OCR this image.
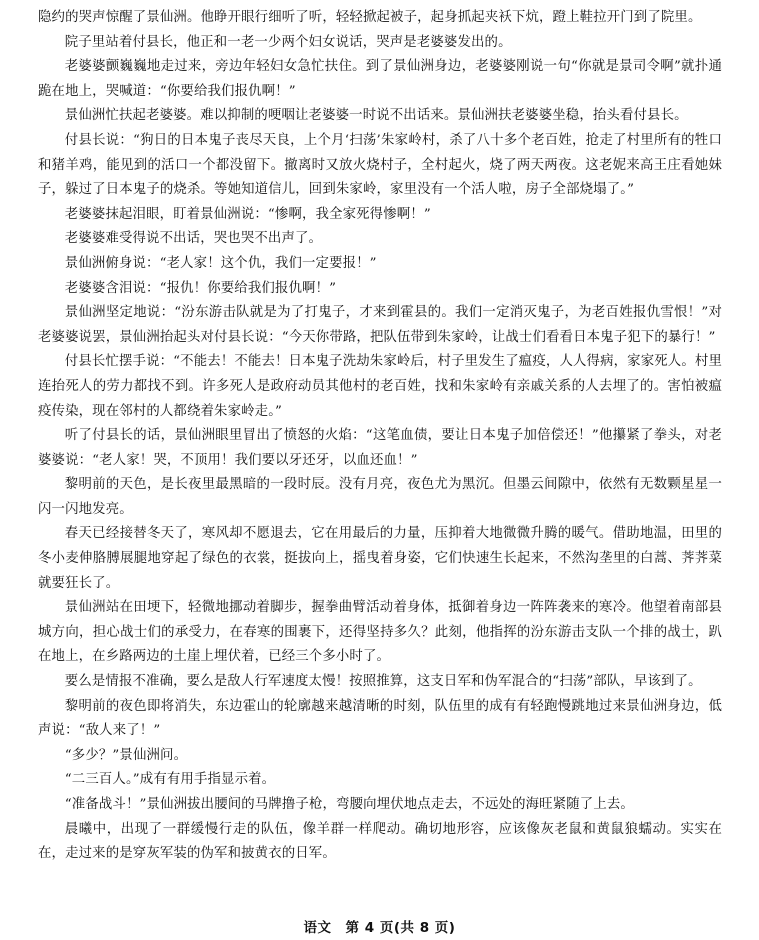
隐约的哭声惊醒了景仙洲。他睁开眼行细听了听，轻轻掀起被子，起身抓起夹袄下炕，蹬上鞋拉开门到了院里。

院子里站着付县长，他正和一老一少两个妇女说话，哭声是老婆婆发出的。

老婆婆颤巍巍地走过来，旁边年轻妇女急忙扶住。到了景仙洲身边，老婆婆刚说一句“你就是景司令啊”就扑通跪在地上，哭喊道：“你要给我们报仇啊！”

景仙洲忙扶起老婆婆。难以抑制的哽咽让老婆婆一时说不出话来。景仙洲扶老婆婆坐稳，抬头看付县长。

付县长说：“狗日的日本鬼子丧尽天良，上个月‘扫荡’朱家岭村，杀了八十多个老百姓，抢走了村里所有的牲口和猪羊鸡，能见到的活口一个都没留下。撤离时又放火烧村子，全村起火，烧了两天两夜。这老妮来高王庄看她妹子，躲过了日本鬼子的烧杀。等她知道信儿，回到朱家岭，家里没有一个活人啦，房子全部烧塌了。”

老婆婆抹起泪眼，盯着景仙洲说：“惨啊，我全家死得惨啊！”

老婆婆难受得说不出话，哭也哭不出声了。

景仙洲俯身说：“老人家！这个仇，我们一定要报！”

老婆婆含泪说：“报仇！你要给我们报仇啊！”

景仙洲坚定地说：“汾东游击队就是为了打鬼子，才来到霍县的。我们一定消灭鬼子，为老百姓报仇雪恨！”对老婆婆说罢，景仙洲抬起头对付县长说：“今天你带路，把队伍带到朱家岭，让战士们看看日本鬼子犯下的暴行！”

付县长忙摆手说：“不能去！不能去！日本鬼子洗劫朱家岭后，村子里发生了瘟疫，人人得病，家家死人。村里连抬死人的劳力都找不到。许多死人是政府动员其他村的老百姓，找和朱家岭有亲戚关系的人去埋了的。害怕被瘟疫传染，现在邻村的人都绕着朱家岭走。”

听了付县长的话，景仙洲眼里冒出了愤怒的火焰：“这笔血债，要让日本鬼子加倍偿还！”他攥紧了拳头，对老婆婆说：“老人家！哭，不顶用！我们要以牙还牙，以血还血！”

黎明前的天色，是长夜里最黑暗的一段时辰。没有月亮，夜色尤为黑沉。但墨云间隙中，依然有无数颗星星一闪一闪地发亮。

春天已经接替冬天了，寒风却不愿退去，它在用最后的力量，压抑着大地微微升腾的暖气。借助地温，田里的冬小麦伸胳膊展腿地穿起了绿色的衣裳，挺拔向上，摇曳着身姿，它们快速生长起来，不然沟垄里的白蒿、荠荠菜就要狂长了。

景仙洲站在田埂下，轻微地挪动着脚步，握拳曲臂活动着身体，抵御着身边一阵阵袭来的寒冷。他望着南部县城方向，担心战士们的承受力，在春寒的围裹下，还得坚持多久？此刻，他指挥的汾东游击支队一个排的战士，趴在地上，在乡路两边的土崖上埋伏着，已经三个多小时了。

要么是情报不准确，要么是敌人行军速度太慢！按照推算，这支日军和伪军混合的“扫荡”部队，早该到了。

黎明前的夜色即将消失，东边霍山的轮廓越来越清晰的时刻，队伍里的成有有轻跑慢跳地过来景仙洲身边，低声说：“敌人来了！”

“多少？”景仙洲问。

“二三百人。”成有有用手指显示着。

“准备战斗！”景仙洲拔出腰间的马牌撸子枪，弯腰向埋伏地点走去，不远处的海旺紧随了上去。

晨曦中，出现了一群缓慢行走的队伍，像羊群一样爬动。确切地形容，应该像灰老鼠和黄鼠狼蠕动。实实在在，走过来的是穿灰军装的伪军和披黄衣的日军。

语文　第 4 页(共 8 页)
